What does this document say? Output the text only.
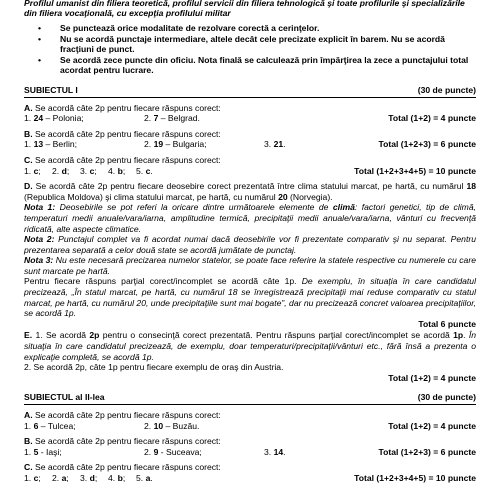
Profilul umanist din filiera teoretică, profilul servicii din filiera tehnologică şi toate profilurile şi specializările din filiera vocaţională, cu excepţia profilului militar
• Se punctează orice modalitate de rezolvare corectă a cerinţelor.
• Nu se acordă punctaje intermediare, altele decât cele precizate explicit în barem. Nu se acordă fracţiuni de punct.
• Se acordă zece puncte din oficiu. Nota finală se calculează prin împărţirea la zece a punctajului total acordat pentru lucrare.
SUBIECTUL I	(30 de puncte)
A. Se acordă câte 2p pentru fiecare răspuns corect:
1. 24 – Polonia;	2. 7 – Belgrad.	Total (1+2) = 4 puncte
B. Se acordă câte 2p pentru fiecare răspuns corect:
1. 13 – Berlin;	2. 19 – Bulgaria;	3. 21.	Total (1+2+3) = 6 puncte
C. Se acordă câte 2p pentru fiecare răspuns corect:
1. c;	2. d;	3. c;	4. b;	5. c.	Total (1+2+3+4+5) = 10 puncte
D. Se acordă câte 2p pentru fiecare deosebire corect prezentată între clima statului marcat, pe hartă, cu numărul 18 (Republica Moldova) şi clima statului marcat, pe hartă, cu numărul 20 (Norvegia).
Nota 1: Deosebirile se pot referi la oricare dintre următoarele elemente de climă: factori genetici, tip de climă, temperaturi medii anuale/vara/iarna, amplitudine termică, precipitaţii medii anuale/vara/iarna, vânturi cu frecvenţă ridicată, alte aspecte climatice.
Nota 2: Punctajul complet va fi acordat numai dacă deosebirile vor fi prezentate comparativ şi nu separat. Pentru prezentarea separată a celor două state se acordă jumătate de punctaj.
Nota 3: Nu este necesară precizarea numelor statelor, se poate face referire la statele respective cu numerele cu care sunt marcate pe hartă.
Pentru fiecare răspuns parţial corect/incomplet se acordă câte 1p. De exemplu, în situaţia în care candidatul precizează, „În statul marcat, pe hartă, cu numărul 18 se înregistrează precipitaţii mai reduse comparativ cu statul marcat, pe hartă, cu numărul 20, unde precipitaţiile sunt mai bogate”, dar nu precizează concret valoarea precipitaţiilor, se acordă 1p.
Total 6 puncte
E. 1. Se acordă 2p pentru o consecinţă corect prezentată. Pentru răspuns parţial corect/incomplet se acordă 1p. În situaţia în care candidatul precizează, de exemplu, doar temperaturi/precipitaţii/vânturi etc., fără însă a prezenta o explicaţie completă, se acordă 1p.
2. Se acordă 2p, câte 1p pentru fiecare exemplu de oraş din Austria.
Total (1+2) = 4 puncte
SUBIECTUL al II-lea	(30 de puncte)
A. Se acordă câte 2p pentru fiecare răspuns corect:
1. 6 – Tulcea;	2. 10 – Buzău.	Total (1+2) = 4 puncte
B. Se acordă câte 2p pentru fiecare răspuns corect:
1. 5 - Iaşi;	2. 9 - Suceava;	3. 14.	Total (1+2+3) = 6 puncte
C. Se acordă câte 2p pentru fiecare răspuns corect:
1. c;	2. a;	3. d;	4. b;	5. a.	Total (1+2+3+4+5) = 10 puncte
